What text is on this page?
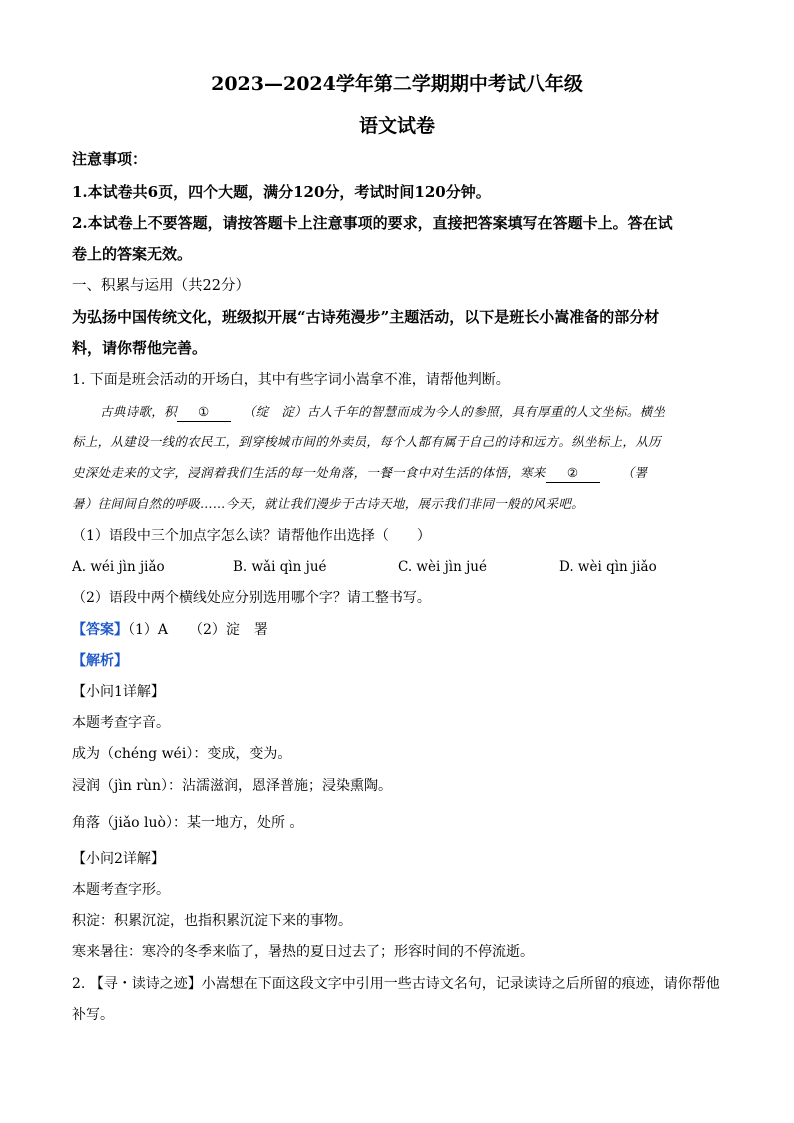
2023—2024学年第二学期期中考试八年级
语文试卷
注意事项：
1.本试卷共6页，四个大题，满分120分，考试时间120分钟。
2.本试卷上不要答题，请按答题卡上注意事项的要求，直接把答案填写在答题卡上。答在试
卷上的答案无效。
一、积累与运用（共22分）
为弘扬中国传统文化，班级拟开展“古诗苑漫步”主题活动，以下是班长小嵩准备的部分材
料，请你帮他完善。
1. 下面是班会活动的开场白，其中有些字词小嵩拿不准，请帮他判断。
古典诗歌，积 ①	（绽　淀）古人千年的智慧而成为今人的参照，具有厚重的人文坐标。横坐
标上，从建设一线的农民工，到穿梭城市间的外卖员，每个人都有属于自己的诗和远方。纵坐标上，从历
史深处走来的文字，浸润着我们生活的每一处角落，一餐一食中对生活的体悟，寒来 ②	（署
暑）往间间自然的呼吸……今天，就让我们漫步于古诗天地，展示我们非同一般的风采吧。
（1）语段中三个加点字怎么读？请帮他作出选择（　　）
A. wéi jìn jiǎo	B. wǎi qìn jué	C. wèi jìn jué	D. wèi qìn jiǎo
（2）语段中两个横线处应分别选用哪个字？请工整书写。
【答案】（1）A　　（2）淀　署
【解析】
【小问1详解】
本题考查字音。
成为（chéng wéi）：变成，变为。
浸润（jìn rùn）：沾濡滋润，恩泽普施；浸染熏陶。
角落（jiǎo luò）：某一地方，处所 。
【小问2详解】
本题考查字形。
积淀：积累沉淀，也指积累沉淀下来的事物。
寒来暑往：寒冷的冬季来临了，暑热的夏日过去了；形容时间的不停流逝。
2. 【寻・读诗之迹】小嵩想在下面这段文字中引用一些古诗文名句，记录读诗之后所留的痕迹，请你帮他
补写。
